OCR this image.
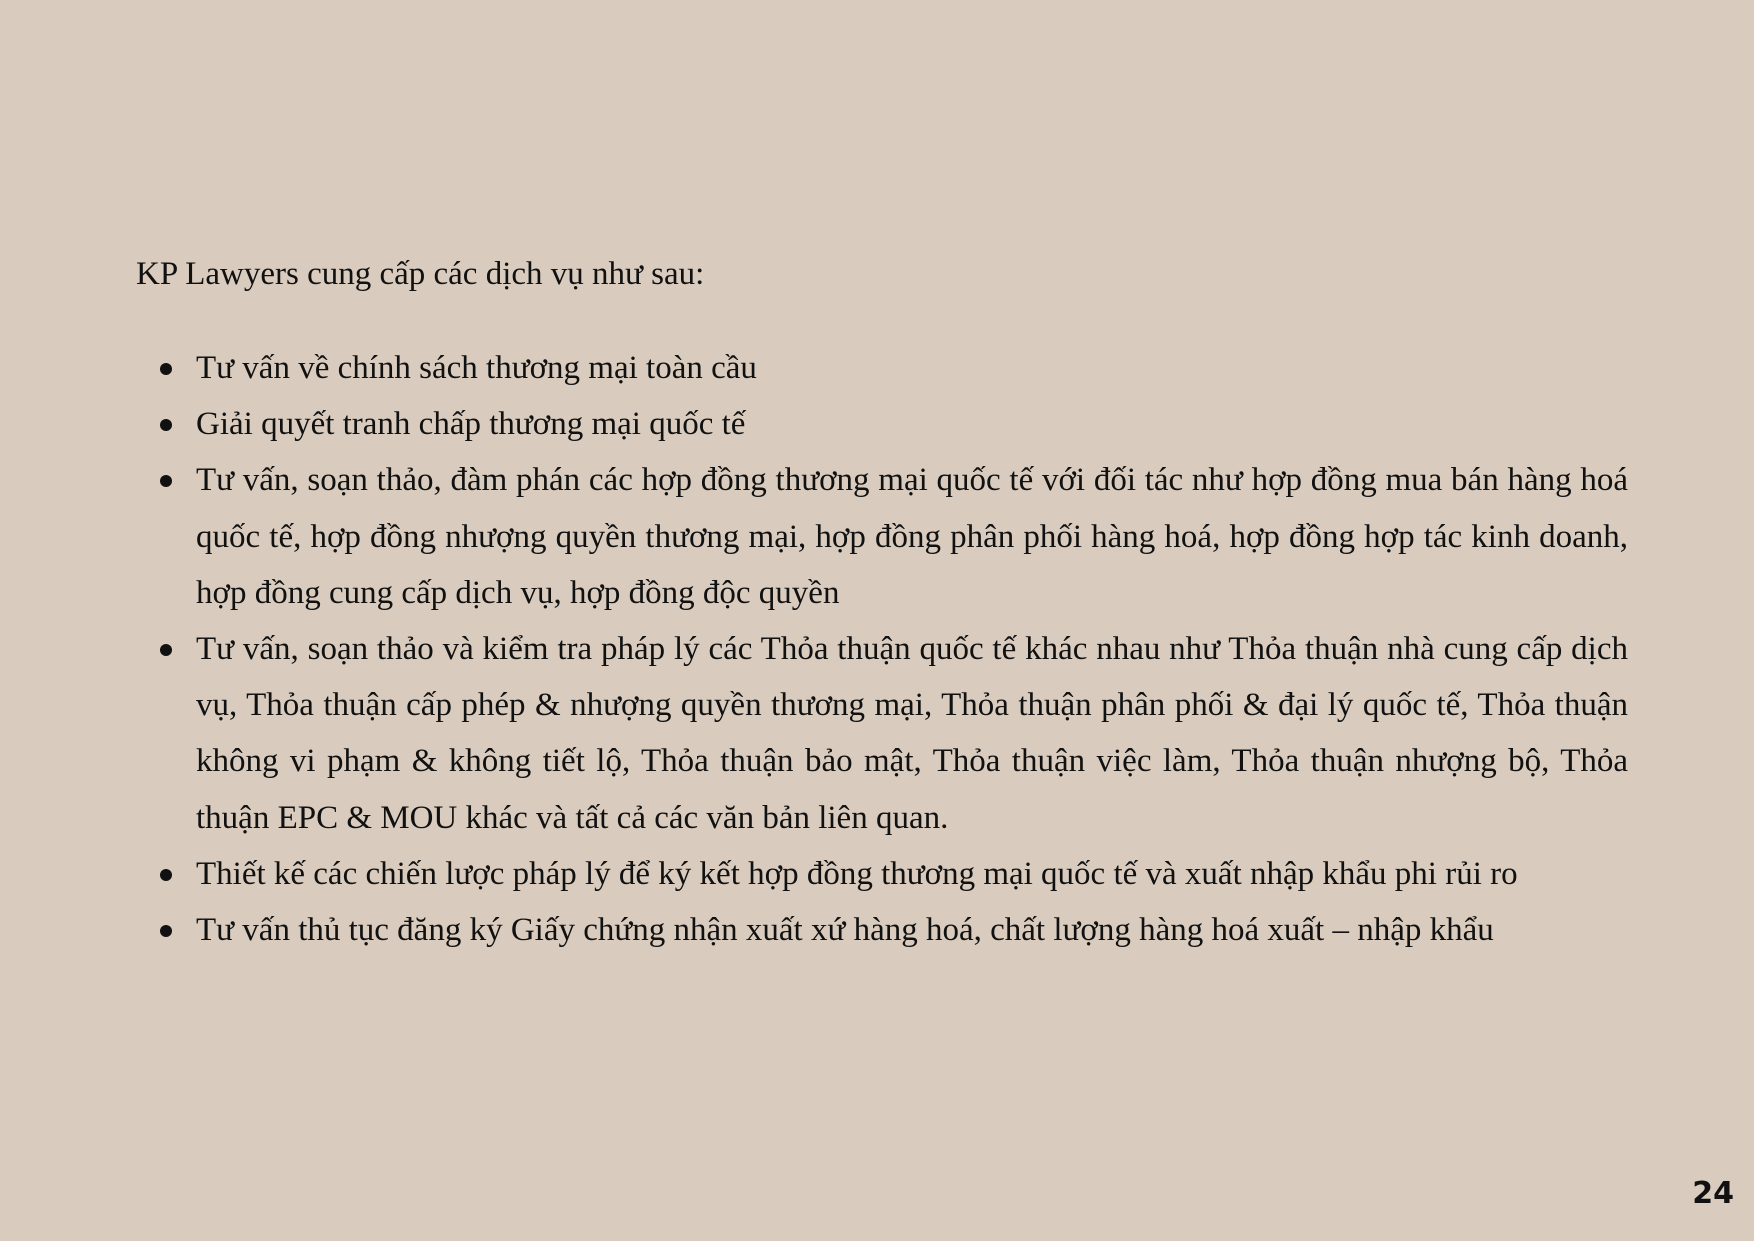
KP Lawyers cung cấp các dịch vụ như sau:
Tư vấn về chính sách thương mại toàn cầu
Giải quyết tranh chấp thương mại quốc tế
Tư vấn, soạn thảo, đàm phán các hợp đồng thương mại quốc tế với đối tác như hợp đồng mua bán hàng hoá quốc tế, hợp đồng nhượng quyền thương mại, hợp đồng phân phối hàng hoá, hợp đồng hợp tác kinh doanh, hợp đồng cung cấp dịch vụ, hợp đồng độc quyền
Tư vấn, soạn thảo và kiểm tra pháp lý các Thỏa thuận quốc tế khác nhau như Thỏa thuận nhà cung cấp dịch vụ, Thỏa thuận cấp phép & nhượng quyền thương mại, Thỏa thuận phân phối & đại lý quốc tế, Thỏa thuận không vi phạm & không tiết lộ, Thỏa thuận bảo mật, Thỏa thuận việc làm, Thỏa thuận nhượng bộ, Thỏa thuận EPC & MOU khác và tất cả các văn bản liên quan.
Thiết kế các chiến lược pháp lý để ký kết hợp đồng thương mại quốc tế và xuất nhập khẩu phi rủi ro
Tư vấn thủ tục đăng ký Giấy chứng nhận xuất xứ hàng hoá, chất lượng hàng hoá xuất – nhập khẩu
24
